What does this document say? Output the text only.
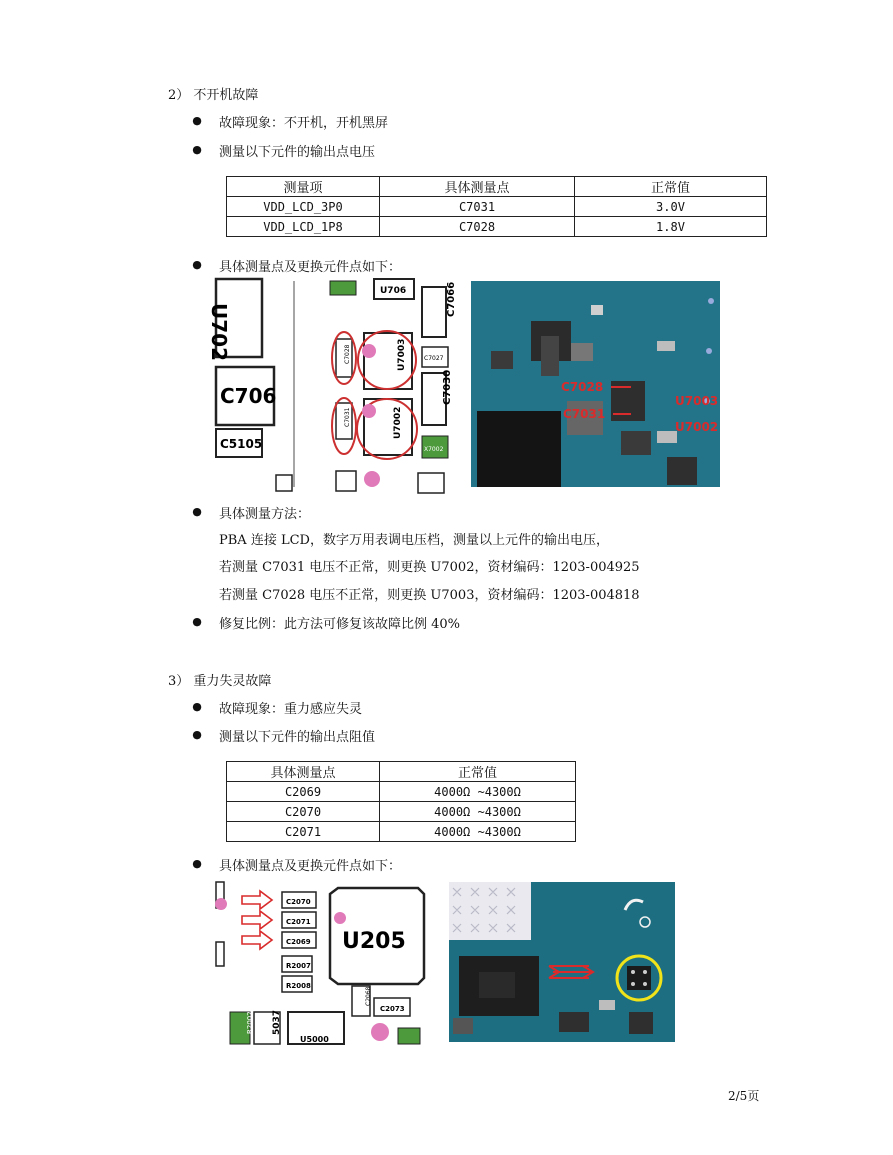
2） 不开机故障
● 故障现象：不开机，开机黑屏
● 测量以下元件的输出点电压
测量项	具体测量点	正常值
VDD_LCD_3P0	C7031	3.0V
VDD_LCD_1P8	C7028	1.8V
● 具体测量点及更换元件点如下：
U702
C706
C5105
U706	C7066
C7028	U7003	C7027
C7030
C7031	U7002
X7002
C7028
C7031
U7003
U7002
● 具体测量方法：
PBA 连接 LCD，数字万用表调电压档，测量以上元件的输出电压，
若测量 C7031 电压不正常，则更换 U7002，资材编码：1203-004925
若测量 C7028 电压不正常，则更换 U7003，资材编码：1203-004818
● 修复比例：此方法可修复该故障比例 40%
3） 重力失灵故障
● 故障现象：重力感应失灵
● 测量以下元件的输出点阻值
具体测量点	正常值
C2069	4000Ω ~4300Ω
C2070	4000Ω ~4300Ω
C2071	4000Ω ~4300Ω
● 具体测量点及更换元件点如下：
C2070
C2071
C2069
R2007
R2008
U205
C2068
C2073
R2002 5037
U5000
2/5页
